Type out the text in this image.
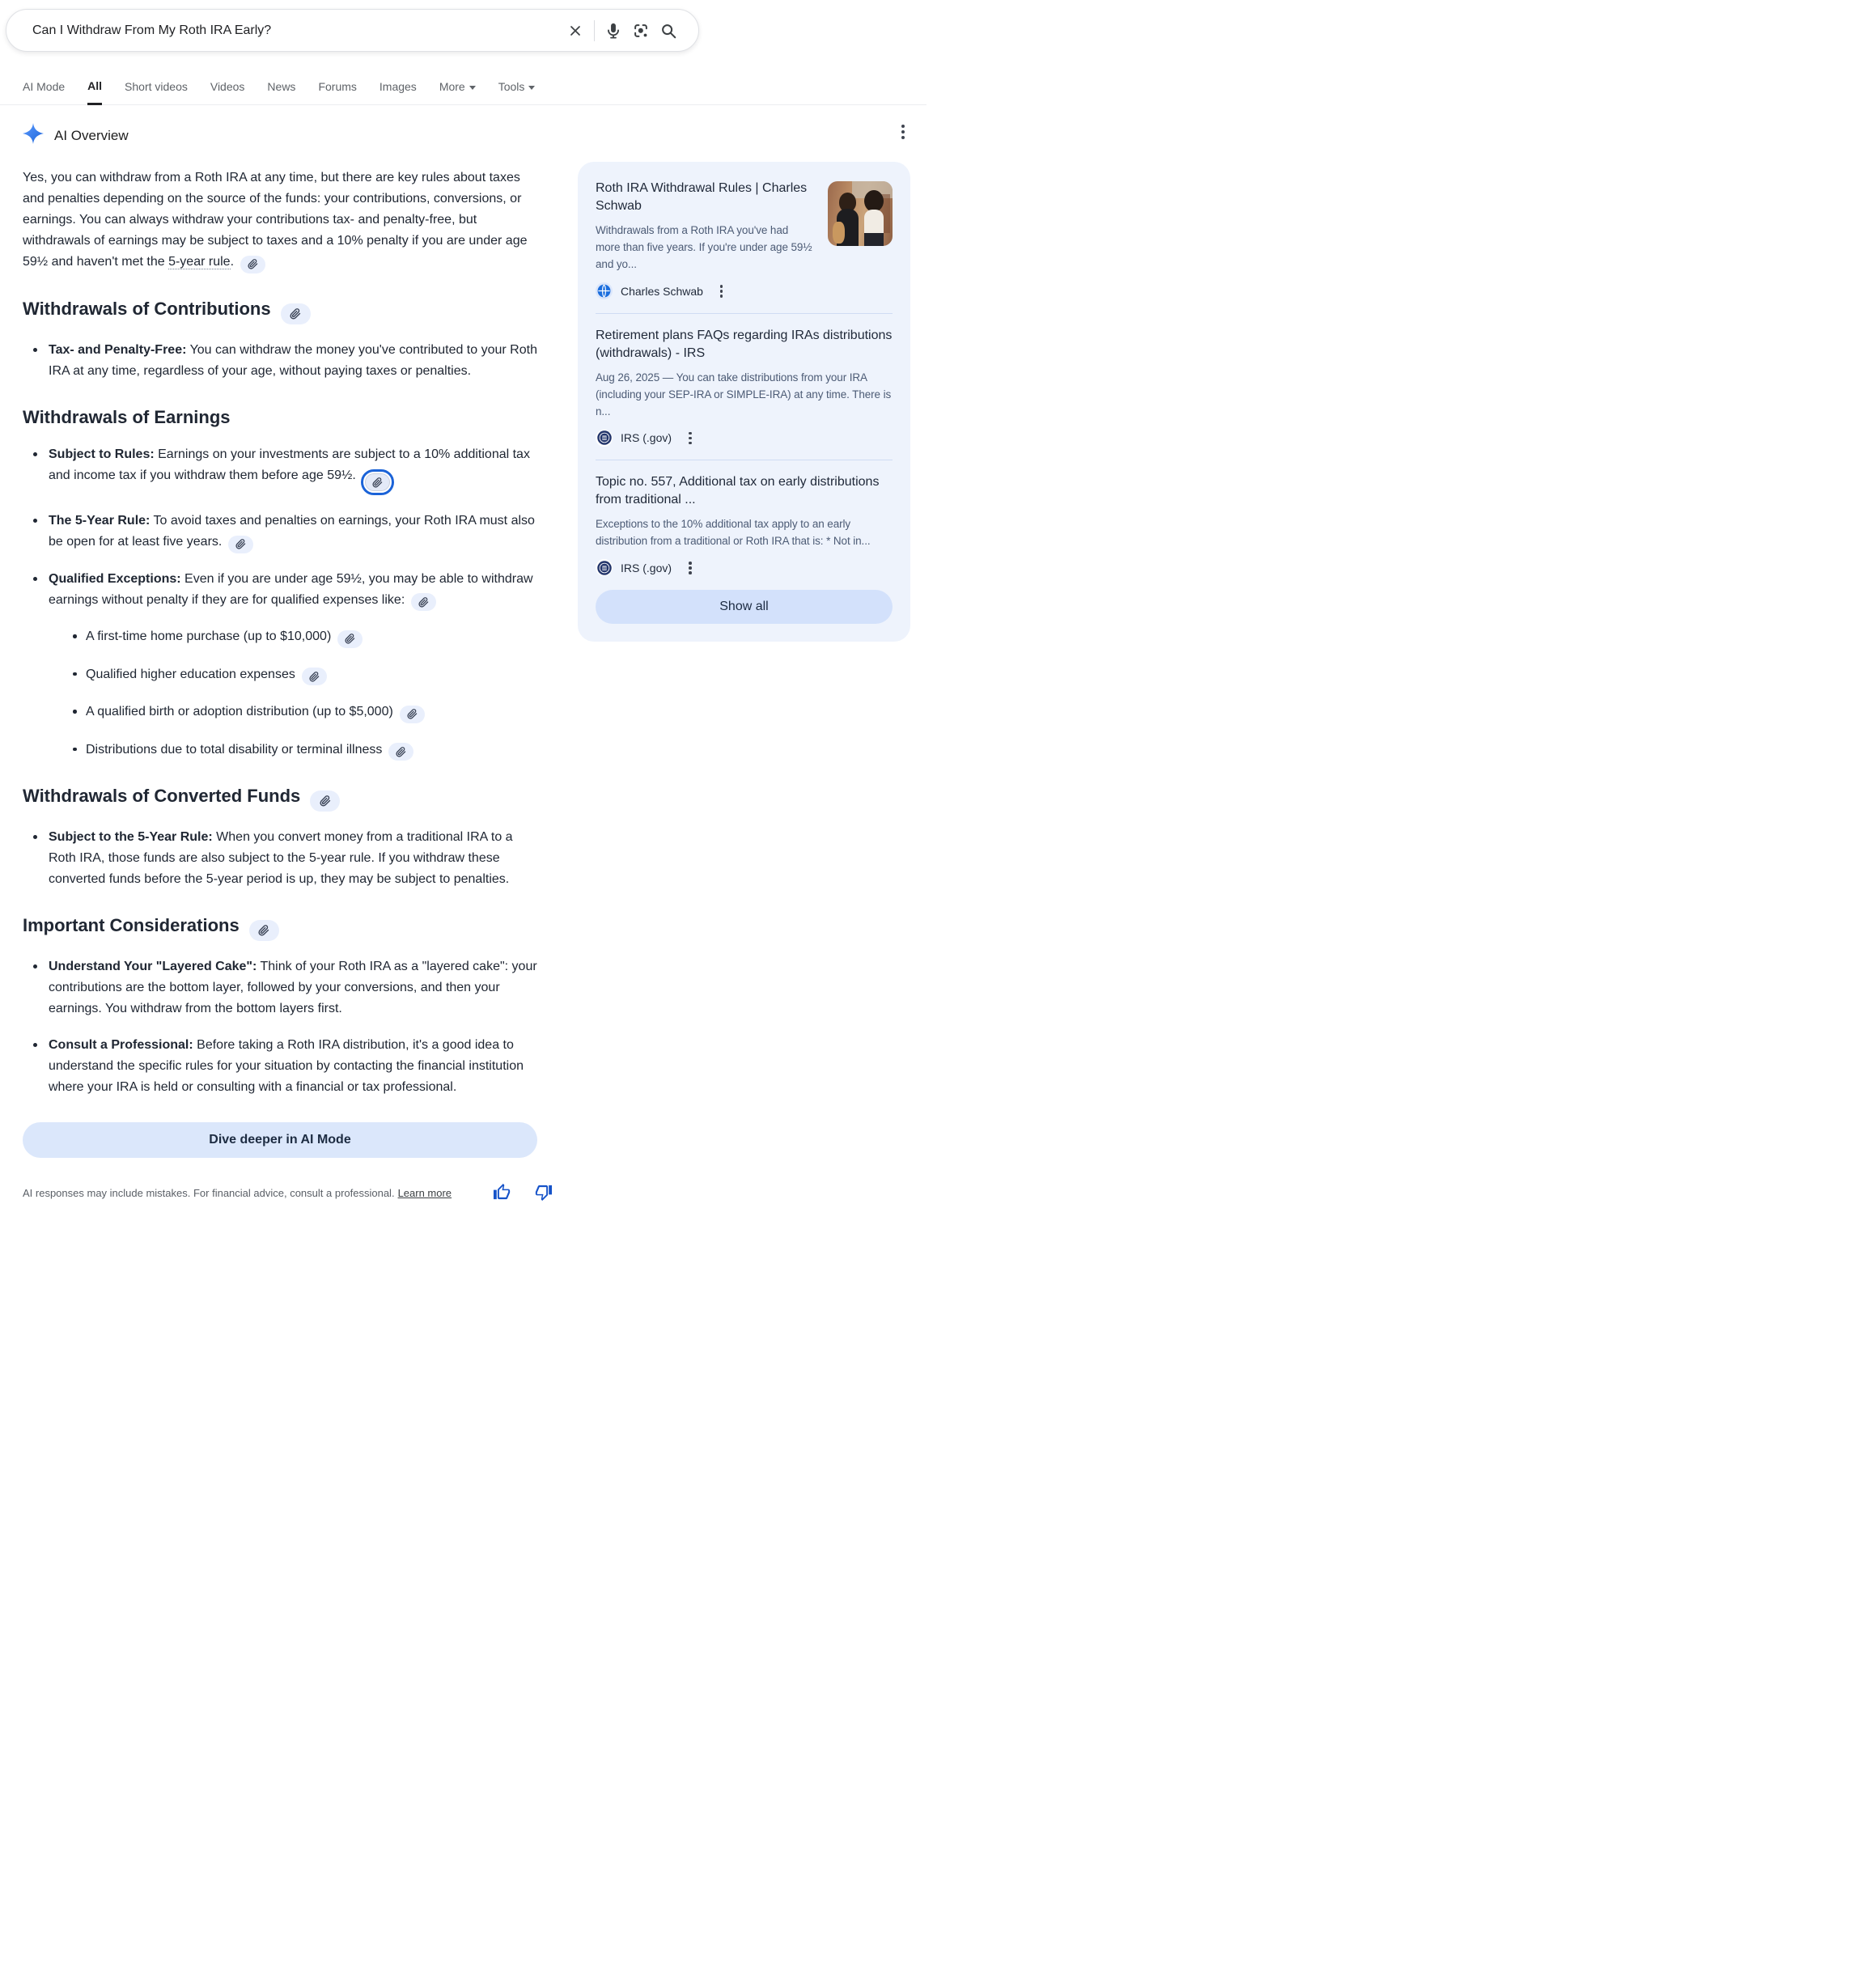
Can I Withdraw From My Roth IRA Early?
AI Mode All Short videos Videos News Forums Images More	Tools
AI Overview
Yes, you can withdraw from a Roth IRA at any time, but there are key rules about taxes and penalties depending on the source of the funds: your contributions, conversions, or earnings. You can always withdraw your contributions tax- and penalty-free, but withdrawals of earnings may be subject to taxes and a 10% penalty if you are under age 59½ and haven't met the 5-year rule.
Withdrawals of Contributions
Tax- and Penalty-Free: You can withdraw the money you've contributed to your Roth IRA at any time, regardless of your age, without paying taxes or penalties.
Withdrawals of Earnings
Subject to Rules: Earnings on your investments are subject to a 10% additional tax and income tax if you withdraw them before age 59½.
The 5-Year Rule: To avoid taxes and penalties on earnings, your Roth IRA must also be open for at least five years.
Qualified Exceptions: Even if you are under age 59½, you may be able to withdraw earnings without penalty if they are for qualified expenses like:
A first-time home purchase (up to $10,000)
Qualified higher education expenses
A qualified birth or adoption distribution (up to $5,000)
Distributions due to total disability or terminal illness
Withdrawals of Converted Funds
Subject to the 5-Year Rule: When you convert money from a traditional IRA to a Roth IRA, those funds are also subject to the 5-year rule. If you withdraw these converted funds before the 5-year period is up, they may be subject to penalties.
Important Considerations
Understand Your "Layered Cake": Think of your Roth IRA as a "layered cake": your contributions are the bottom layer, followed by your conversions, and then your earnings. You withdraw from the bottom layers first.
Consult a Professional: Before taking a Roth IRA distribution, it's a good idea to understand the specific rules for your situation by contacting the financial institution where your IRA is held or consulting with a financial or tax professional.
Dive deeper in AI Mode
AI responses may include mistakes. For financial advice, consult a professional. Learn more
Roth IRA Withdrawal Rules | Charles Schwab
Withdrawals from a Roth IRA you've had more than five years. If you're under age 59½ and yo...
Charles Schwab
Retirement plans FAQs regarding IRAs distributions (withdrawals) - IRS
Aug 26, 2025 — You can take distributions from your IRA (including your SEP-IRA or SIMPLE-IRA) at any time. There is n...
IRS (.gov)
Topic no. 557, Additional tax on early distributions from traditional ...
Exceptions to the 10% additional tax apply to an early distribution from a traditional or Roth IRA that is: * Not in...
IRS (.gov)
Show all
